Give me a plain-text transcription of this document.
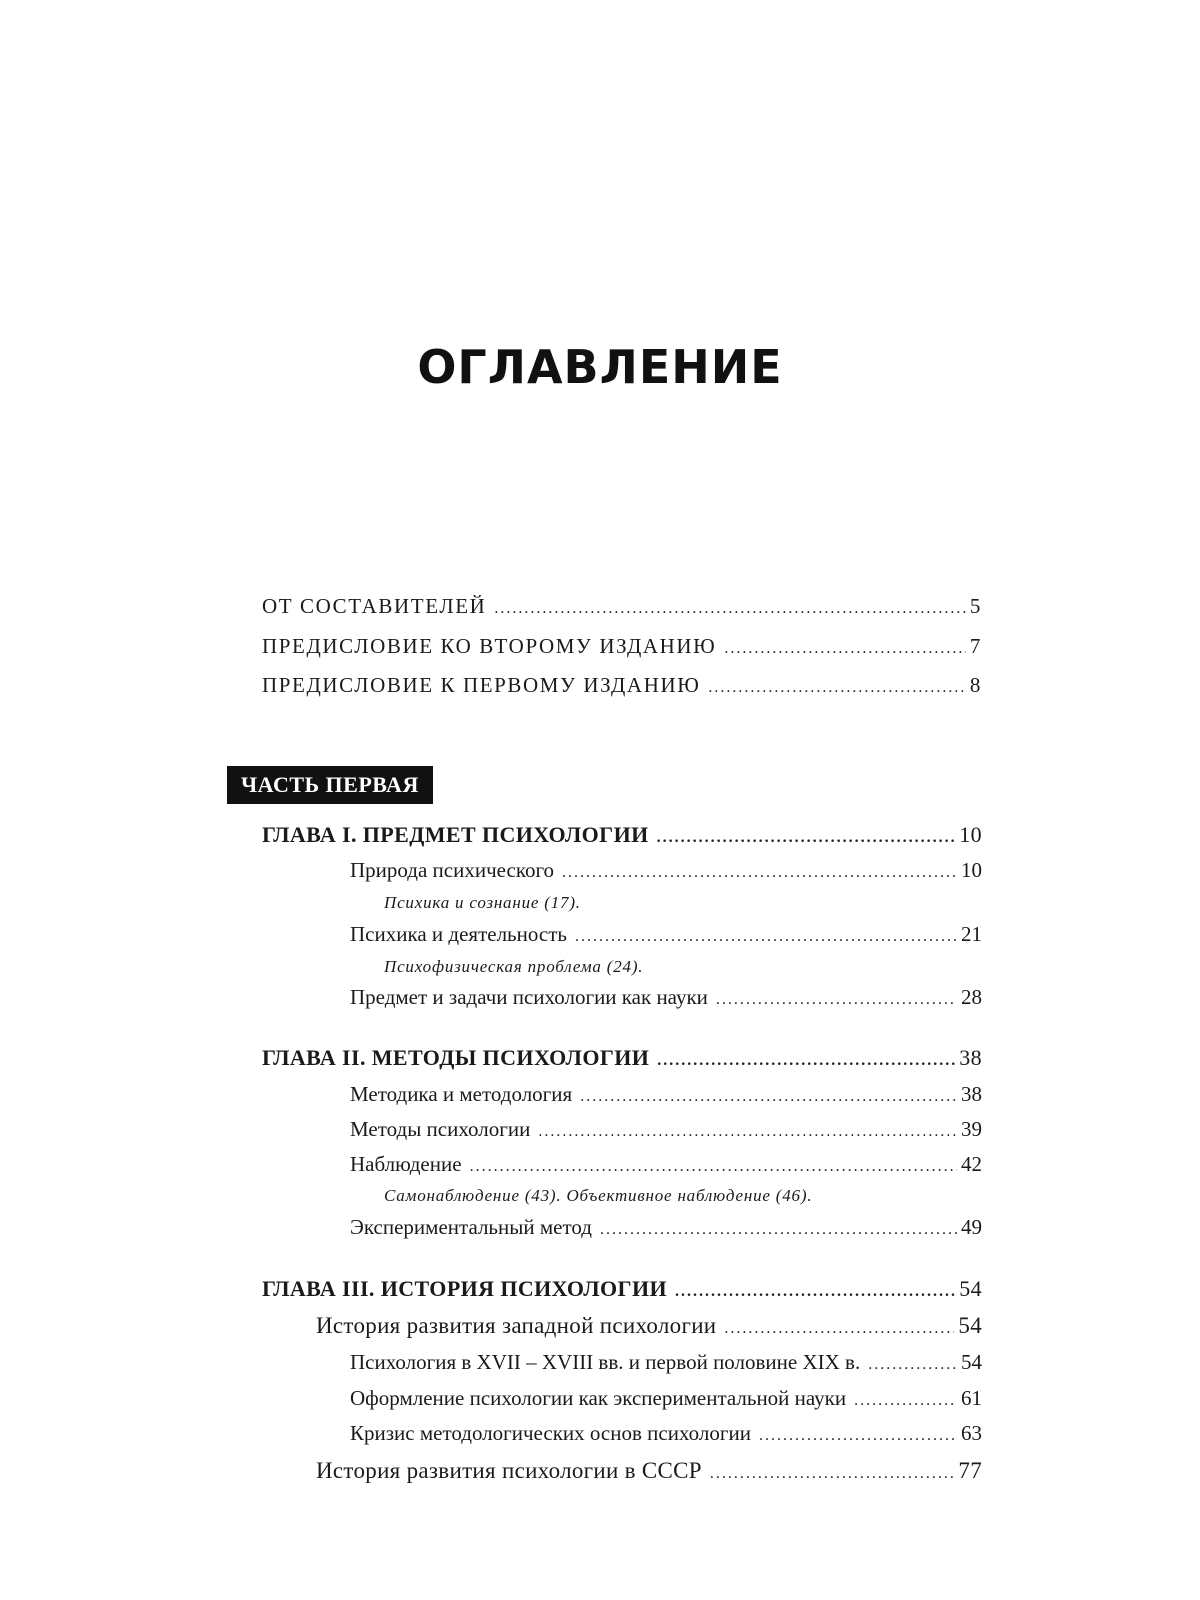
ОГЛАВЛЕНИЕ
ОТ СОСТАВИТЕЛЕЙ .....	5
ПРЕДИСЛОВИЕ КО ВТОРОМУ ИЗДАНИЮ .....	7
ПРЕДИСЛОВИЕ К ПЕРВОМУ ИЗДАНИЮ .....	8
ГЛАВА I. ПРЕДМЕТ ПСИХОЛОГИИ .....	10
Природа психического .....	10
Психика и сознание (17).
Психика и деятельность .....	21
Психофизическая проблема (24).
Предмет и задачи психологии как науки .....	28
ГЛАВА II. МЕТОДЫ ПСИХОЛОГИИ .....	38
Методика и методология .....	38
Методы психологии .....	39
Наблюдение .....	42
Самонаблюдение (43). Объективное наблюдение (46).
Экспериментальный метод .....	49
ГЛАВА III. ИСТОРИЯ ПСИХОЛОГИИ .....	54
История развития западной психологии .....	54
Психология в XVII – XVIII вв. и первой половине XIX в. .....	54
Оформление психологии как экспериментальной науки .....	61
Кризис методологических основ психологии .....	63
История развития психологии в СССР .....	77
ЧАСТЬ ПЕРВАЯ
